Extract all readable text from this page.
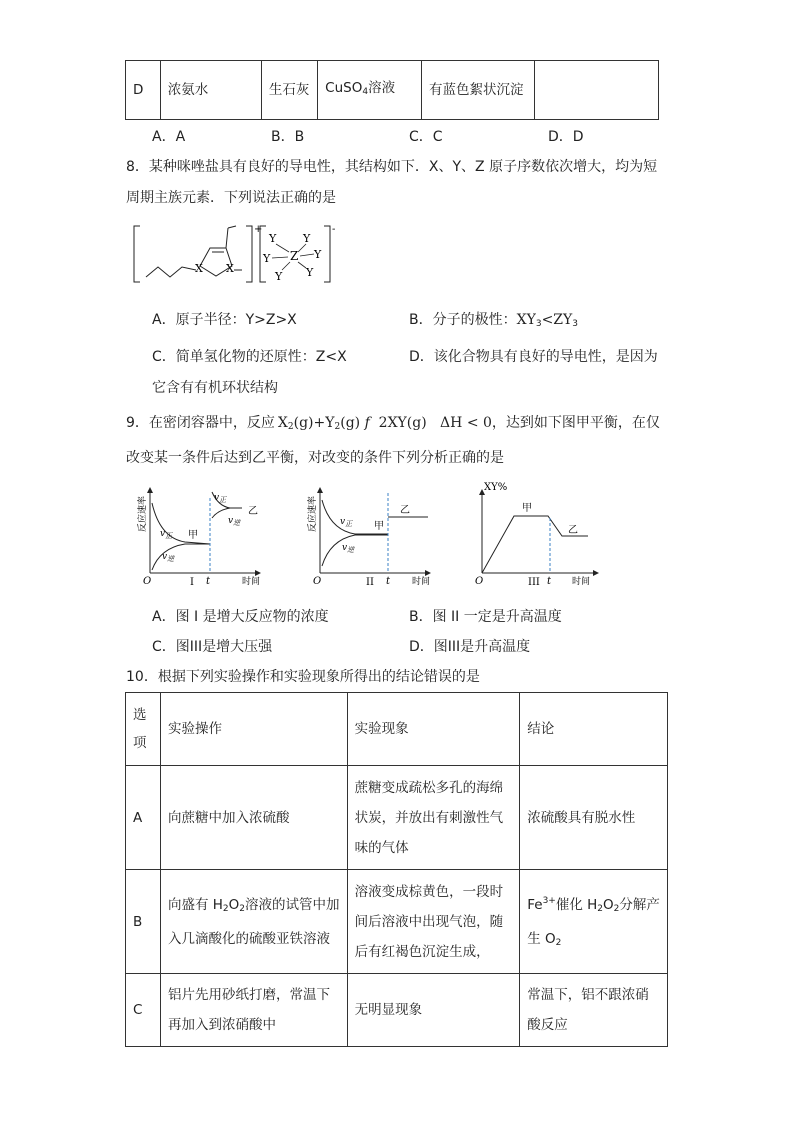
D	浓氨水	生石灰	CuSO$_4$溶液	有蓝色絮状沉淀	
A．A	B．B	C．C	D．D
8．某种咪唑盐具有良好的导电性，其结构如下．X、Y、Z 原子序数依次增大，均为短
周期主族元素．下列说法正确的是
X X
+	-
Z
Y Y
Y	Y
Y Y
A．原子半径：Y>Z>X	B．分子的极性：$XY_3<ZY_3$
C．简单氢化物的还原性：Z<X	D．该化合物具有良好的导电性，是因为
它含有有机环状结构
9．在密闭容器中，反应 $X_2(g)+Y_2(g)$ f 2XY(g) ΔH < 0，达到如下图甲平衡，在仅
改变某一条件后达到乙平衡，对改变的条件下列分析正确的是
反应速率
时间
O	I t
$v_正$
$v_逆$
甲
$v_正$
$v_逆$
乙	反应速率
时间
O	II t
$v_正$
$v_逆$
甲
乙
XY%
时间
O	III t
甲
乙
A．图 I 是增大反应物的浓度	B．图 II 一定是升高温度
C．图III是增大压强	D．图III是升高温度
10．根据下列实验操作和实验现象所得出的结论错误的是
选项	实验操作	实验现象	结论
A	向蔗糖中加入浓硫酸	蔗糖变成疏松多孔的海绵状炭，并放出有刺激性气味的气体	浓硫酸具有脱水性
B	向盛有 $H_2O_2$溶液的试管中加入几滴酸化的硫酸亚铁溶液	溶液变成棕黄色，一段时间后溶液中出现气泡，随后有红褐色沉淀生成，	$Fe^{3+}$催化 $H_2O_2$分解产生 $O_2$
C	铝片先用砂纸打磨，常温下再加入到浓硝酸中	无明显现象	常温下，铝不跟浓硝酸反应
